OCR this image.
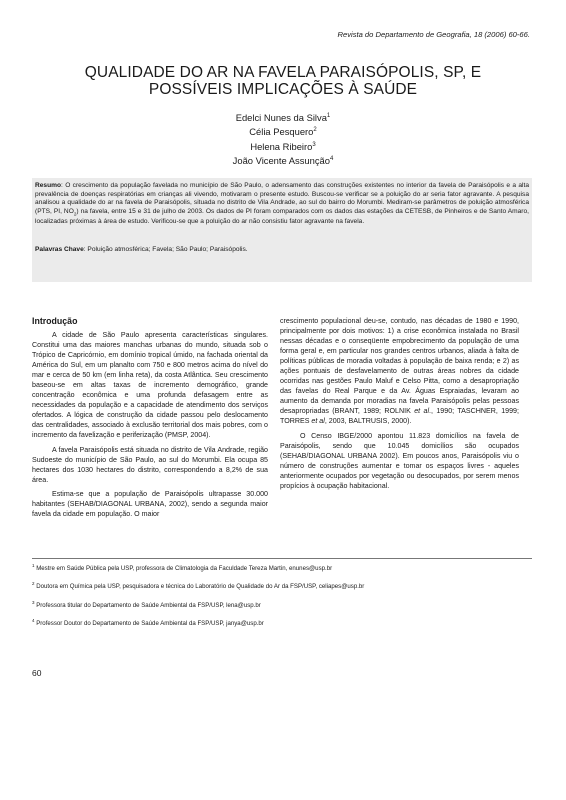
Revista do Departamento de Geografia, 18 (2006) 60-66.
QUALIDADE DO AR NA FAVELA PARAISÓPOLIS, SP, E
POSSÍVEIS IMPLICAÇÕES À SAÚDE
Edelci Nunes da Silva$^1$
Célia Pesquero$^2$
Helena Ribeiro$^3$
João Vicente Assunção$^4$

Resumo: O crescimento da população favelada no município de São Paulo, o adensamento das construções existentes no interior da favela de Paraisópolis e a alta prevalência de doenças respiratórias em crianças ali vivendo, motivaram o presente estudo. Buscou-se verificar se a poluição do ar seria fator agravante. A pesquisa analisou a qualidade do ar na favela de Paraisópolis, situada no distrito de Vila Andrade, ao sul do bairro do Morumbi. Mediram-se parâmetros de poluição atmosférica (PTS, PI, $NO_2$) na favela, entre 15 e 31 de julho de 2003. Os dados de PI foram comparados com os dados das estações da CETESB, de Pinheiros e de Santo Amaro, localizadas próximas à área de estudo. Verificou-se que a poluição do ar não consistiu fator agravante na favela.

Palavras Chave: Poluição atmosférica; Favela; São Paulo; Paraisópolis.

Introdução

A cidade de São Paulo apresenta características singulares. Constitui uma das maiores manchas urbanas do mundo, situada sob o Trópico de Capricórnio, em domínio tropical úmido, na fachada oriental da América do Sul, em um planalto com 750 e 800 metros acima do nível do mar e cerca de 50 km (em linha reta), da costa Atlântica. Seu crescimento baseou-se em altas taxas de incremento demográfico, grande concentração econômica e uma profunda defasagem entre as necessidades da população e a capacidade de atendimento dos serviços ofertados. A lógica de construção da cidade passou pelo deslocamento das centralidades, associado à exclusão territorial dos mais pobres, com o incremento da favelização e periferização (PMSP, 2004).

A favela Paraisópolis está situada no distrito de Vila Andrade, região Sudoeste do município de São Paulo, ao sul do Morumbi. Ela ocupa 85 hectares dos 1030 hectares do distrito, correspondendo a 8,2% de sua área.

Estima-se que a população de Paraisópolis ultrapasse 30.000 habitantes (SEHAB/DIAGONAL URBANA, 2002), sendo a segunda maior favela da cidade em população. O maior

crescimento populacional deu-se, contudo, nas décadas de 1980 e 1990, principalmente por dois motivos: 1) a crise econômica instalada no Brasil nessas décadas e o conseqüente empobrecimento da população de uma forma geral e, em particular nos grandes centros urbanos, aliada à falta de políticas públicas de moradia voltadas à população de baixa renda; e 2) as ações pontuais de desfavelamento de outras áreas nobres da cidade ocorridas nas gestões Paulo Maluf e Celso Pitta, como a desapropriação das favelas do Real Parque e da Av. Águas Espraiadas, levaram ao aumento da demanda por moradias na favela Paraisópolis pelas pessoas desapropriadas (BRANT, 1989; ROLNIK et al., 1990; TASCHNER, 1999; TORRES et al, 2003, BALTRUSIS, 2000).

O Censo IBGE/2000 apontou 11.823 domicílios na favela de Paraisópolis, sendo que 10.045 domicílios são ocupados (SEHAB/DIAGONAL URBANA 2002). Em poucos anos, Paraisópolis viu o número de construções aumentar e tomar os espaços livres - aqueles anteriormente ocupados por vegetação ou desocupados, por serem menos propícios à ocupação habitacional.

$^1$ Mestre em Saúde Pública pela USP, professora de Climatologia da Faculdade Tereza Martin, enunes@usp.br

$^2$ Doutora em Química pela USP, pesquisadora e técnica do Laboratório de Qualidade do Ar da FSP/USP, celiapes@usp.br

$^3$ Professora titular do Departamento de Saúde Ambiental da FSP/USP, lena@usp.br

$^4$ Professor Doutor do Departamento de Saúde Ambiental da FSP/USP, janya@usp.br

60
